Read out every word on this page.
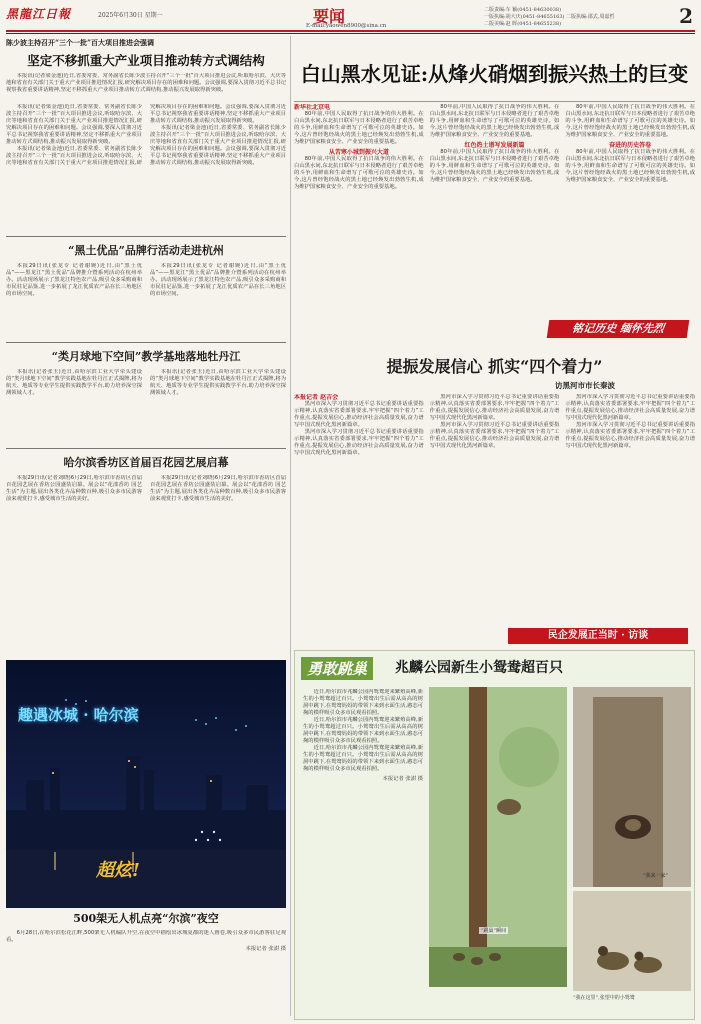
黑龍江日報	2025年6月30日 星期一	要闻
E-mail:yaowen8900@sina.cn
二版责编:车 颖(0451-84630038)
一版执编:胡大庆(0451-84655163) 二版执编:邵式,周嘉哲
二版美编:赵 晖(0451-84655238)	2
陈少波主持召开“三个一批”百大项目推进会强调
坚定不移抓重大产业项目推动转方式调结构

本报讯(记者梁金池)近日,省委常委、常务副省长陈少波主持召开“三个一批”百大项目推进会议,听取哈尔滨、大庆等地和省直有关部门关于重大产业项目推进情况汇报,研究解决项目存在的困难和问题。会议强调,要深入贯彻习近平总书记视察我省重要讲话精神,坚定不移抓重大产业项目推动转方式调结构,推动振兴发展取得新突破。

本报讯(记者梁金池)近日,省委常委、常务副省长陈少波主持召开“三个一批”百大项目推进会议,听取哈尔滨、大庆等地和省直有关部门关于重大产业项目推进情况汇报,研究解决项目存在的困难和问题。会议强调,要深入贯彻习近平总书记视察我省重要讲话精神,坚定不移抓重大产业项目推动转方式调结构,推动振兴发展取得新突破。

本报讯(记者梁金池)近日,省委常委、常务副省长陈少波主持召开“三个一批”百大项目推进会议,听取哈尔滨、大庆等地和省直有关部门关于重大产业项目推进情况汇报,研究解决项目存在的困难和问题。会议强调,要深入贯彻习近平总书记视察我省重要讲话精神,坚定不移抓重大产业项目推动转方式调结构,推动振兴发展取得新突破。

本报讯(记者梁金池)近日,省委常委、常务副省长陈少波主持召开“三个一批”百大项目推进会议,听取哈尔滨、大庆等地和省直有关部门关于重大产业项目推进情况汇报,研究解决项目存在的困难和问题。会议强调,要深入贯彻习近平总书记视察我省重要讲话精神,坚定不移抓重大产业项目推动转方式调结构,推动振兴发展取得新突破。

“黑土优品”品牌行活动走进杭州

本报29日讯(张龙专 记者谢婉)近日,由“黑土优品”——黑龙江“黑土优品”品牌推介暨系列活动在杭州举办。活动现场展示了黑龙江特色农产品,吸引众多采购商和市民驻足品鉴,进一步拓展了龙江优质农产品在长三角地区的市场空间。

本报29日讯(张龙专 记者谢婉)近日,由“黑土优品”——黑龙江“黑土优品”品牌推介暨系列活动在杭州举办。活动现场展示了黑龙江特色农产品,吸引众多采购商和市民驻足品鉴,进一步拓展了龙江优质农产品在长三角地区的市场空间。

“类月球地下空间”教学基地落地牡丹江

本报讯(记者张玉)近日,由哈尔滨工业大学牵头建设的“类月球地下空间”教学实践基地在牡丹江正式揭牌,将为航天、地质等专业学生提供实践教学平台,助力培养深空探测领域人才。

本报讯(记者张玉)近日,由哈尔滨工业大学牵头建设的“类月球地下空间”教学实践基地在牡丹江正式揭牌,将为航天、地质等专业学生提供实践教学平台,助力培养深空探测领域人才。

哈尔滨香坊区首届百花园艺展启幕

本报29日讯(记者刘晓)6月29日,哈尔滨市香坊区首届百花园艺展在香坊公园盛装启幕。展会以“花漾香坊 园艺生活”为主题,展出各类花卉品种数百种,吸引众多市民游客前来观赏打卡,感受城市生活的美好。

本报29日讯(记者刘晓)6月29日,哈尔滨市香坊区首届百花园艺展在香坊公园盛装启幕。展会以“花漾香坊 园艺生活”为主题,展出各类花卉品种数百种,吸引众多市民游客前来观赏打卡,感受城市生活的美好。

趣遇冰城 · 哈尔滨
超炫!
500架无人机点亮“尔滨”夜空

6月28日,在哈尔滨松花江畔,500架无人机编队升空,在夜空中描绘出冰城夏都的迷人画卷,吸引众多市民游客驻足观看。

本报记者 张澍 摄
白山黑水见证:从烽火硝烟到振兴热土的巨变
新华社北京电

80年前,中国人民取得了抗日战争的伟大胜利。在白山黑水间,东北抗日联军与日本侵略者进行了艰苦卓绝的斗争,用鲜血和生命谱写了可歌可泣的英雄史诗。如今,这片曾经饱经战火的黑土地已经焕发出勃勃生机,成为维护国家粮食安全、产业安全的重要基地。

从苦寒小城到振兴大道

80年前,中国人民取得了抗日战争的伟大胜利。在白山黑水间,东北抗日联军与日本侵略者进行了艰苦卓绝的斗争,用鲜血和生命谱写了可歌可泣的英雄史诗。如今,这片曾经饱经战火的黑土地已经焕发出勃勃生机,成为维护国家粮食安全、产业安全的重要基地。

80年前,中国人民取得了抗日战争的伟大胜利。在白山黑水间,东北抗日联军与日本侵略者进行了艰苦卓绝的斗争,用鲜血和生命谱写了可歌可泣的英雄史诗。如今,这片曾经饱经战火的黑土地已经焕发出勃勃生机,成为维护国家粮食安全、产业安全的重要基地。

红色热土谱写发展新篇

80年前,中国人民取得了抗日战争的伟大胜利。在白山黑水间,东北抗日联军与日本侵略者进行了艰苦卓绝的斗争,用鲜血和生命谱写了可歌可泣的英雄史诗。如今,这片曾经饱经战火的黑土地已经焕发出勃勃生机,成为维护国家粮食安全、产业安全的重要基地。

80年前,中国人民取得了抗日战争的伟大胜利。在白山黑水间,东北抗日联军与日本侵略者进行了艰苦卓绝的斗争,用鲜血和生命谱写了可歌可泣的英雄史诗。如今,这片曾经饱经战火的黑土地已经焕发出勃勃生机,成为维护国家粮食安全、产业安全的重要基地。

奋进的历史答卷

80年前,中国人民取得了抗日战争的伟大胜利。在白山黑水间,东北抗日联军与日本侵略者进行了艰苦卓绝的斗争,用鲜血和生命谱写了可歌可泣的英雄史诗。如今,这片曾经饱经战火的黑土地已经焕发出勃勃生机,成为维护国家粮食安全、产业安全的重要基地。

铭记历史 缅怀先烈
提振发展信心 抓实“四个着力”
访黑河市市长秦波
本报记者 赵吉会

黑河市深入学习贯彻习近平总书记重要讲话重要指示精神,认真落实省委部署要求,牢牢把握“四个着力”工作重点,提振发展信心,推动经济社会高质量发展,奋力谱写中国式现代化黑河新篇章。

黑河市深入学习贯彻习近平总书记重要讲话重要指示精神,认真落实省委部署要求,牢牢把握“四个着力”工作重点,提振发展信心,推动经济社会高质量发展,奋力谱写中国式现代化黑河新篇章。

黑河市深入学习贯彻习近平总书记重要讲话重要指示精神,认真落实省委部署要求,牢牢把握“四个着力”工作重点,提振发展信心,推动经济社会高质量发展,奋力谱写中国式现代化黑河新篇章。

黑河市深入学习贯彻习近平总书记重要讲话重要指示精神,认真落实省委部署要求,牢牢把握“四个着力”工作重点,提振发展信心,推动经济社会高质量发展,奋力谱写中国式现代化黑河新篇章。

黑河市深入学习贯彻习近平总书记重要讲话重要指示精神,认真落实省委部署要求,牢牢把握“四个着力”工作重点,提振发展信心,推动经济社会高质量发展,奋力谱写中国式现代化黑河新篇章。

黑河市深入学习贯彻习近平总书记重要讲话重要指示精神,认真落实省委部署要求,牢牢把握“四个着力”工作重点,提振发展信心,推动经济社会高质量发展,奋力谱写中国式现代化黑河新篇章。

民企发展正当时 · 访谈
勇敢跳巢	兆麟公园新生小鸳鸯超百只

近日,哈尔滨市兆麟公园内鸳鸯迎来繁殖高峰,新生的小鸳鸯超过百只。小鸳鸯出生后需从高高的树洞中跳下,在鸳鸯妈妈的带领下来到水面生活,憨态可掬的模样吸引众多市民观看拍照。

近日,哈尔滨市兆麟公园内鸳鸯迎来繁殖高峰,新生的小鸳鸯超过百只。小鸳鸯出生后需从高高的树洞中跳下,在鸳鸯妈妈的带领下来到水面生活,憨态可掬的模样吸引众多市民观看拍照。

近日,哈尔滨市兆麟公园内鸳鸯迎来繁殖高峰,新生的小鸳鸯超过百只。小鸳鸯出生后需从高高的树洞中跳下,在鸳鸯妈妈的带领下来到水面生活,憨态可掬的模样吸引众多市民观看拍照。

本报记者 张澍 摄
“跳巢”瞬间
“我来一家”
“我在这里”,张望中的小鸳鸯
